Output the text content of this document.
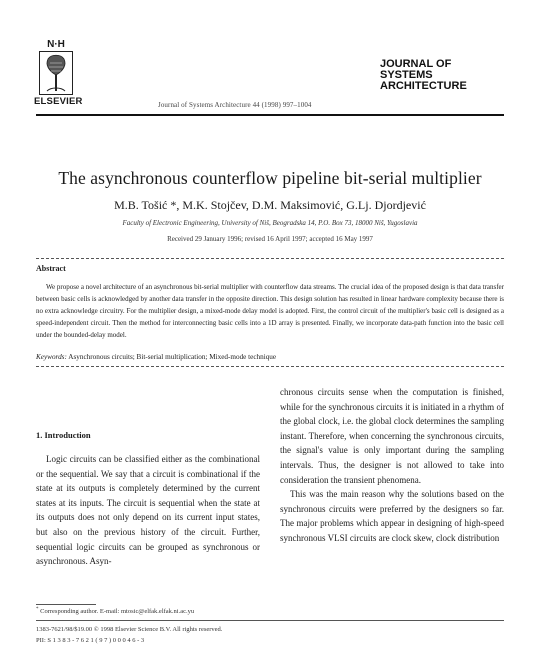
N·H
ELSEVIER	Journal of Systems Architecture 44 (1998) 997–1004
JOURNAL OF
SYSTEMS
ARCHITECTURE
The asynchronous counterflow pipeline bit-serial multiplier
M.B. Tošić *, M.K. Stojčev, D.M. Maksimović, G.Lj. Djordjević
Faculty of Electronic Engineering, University of Niš, Beogradska 14, P.O. Box 73, 18000 Niš, Yugoslavia
Received 29 January 1996; revised 16 April 1997; accepted 16 May 1997
Abstract
We propose a novel architecture of an asynchronous bit-serial multiplier with counterflow data streams. The crucial idea of the proposed design is that data transfer between basic cells is acknowledged by another data transfer in the opposite direction. This design solution has resulted in linear hardware complexity because there is no extra acknowledge circuitry. For the multiplier design, a mixed-mode delay model is adopted. First, the control circuit of the multiplier's basic cell is designed as a speed-independent circuit. Then the method for interconnecting basic cells into a 1D array is presented. Finally, we incorporate data-path function into the basic cell under the bounded-delay model.
Keywords: Asynchronous circuits; Bit-serial multiplication; Mixed-mode technique
1. Introduction
Logic circuits can be classified either as the combinational or the sequential. We say that a circuit is combinational if the state at its outputs is completely determined by the current states at its inputs. The circuit is sequential when the state at its outputs does not only depend on its current input states, but also on the previous history of the circuit. Further, sequential logic circuits can be grouped as synchronous or asynchronous. Asyn-

chronous circuits sense when the computation is finished, while for the synchronous circuits it is initiated in a rhythm of the global clock, i.e. the global clock determines the sampling instant. Therefore, when concerning the synchronous circuits, the signal's value is only important during the sampling intervals. Thus, the designer is not allowed to take into consideration the transient phenomena.

This was the main reason why the solutions based on the synchronous circuits were preferred by the designers so far. The major problems which appear in designing of high-speed synchronous VLSI circuits are clock skew, clock distribution

* Corresponding author. E-mail: mtosic@elfak.elfak.ni.ac.yu
1383-7621/98/$19.00 © 1998 Elsevier Science B.V. All rights reserved.
PII: S 1 3 8 3 - 7 6 2 1 ( 9 7 ) 0 0 0 4 6 - 3
